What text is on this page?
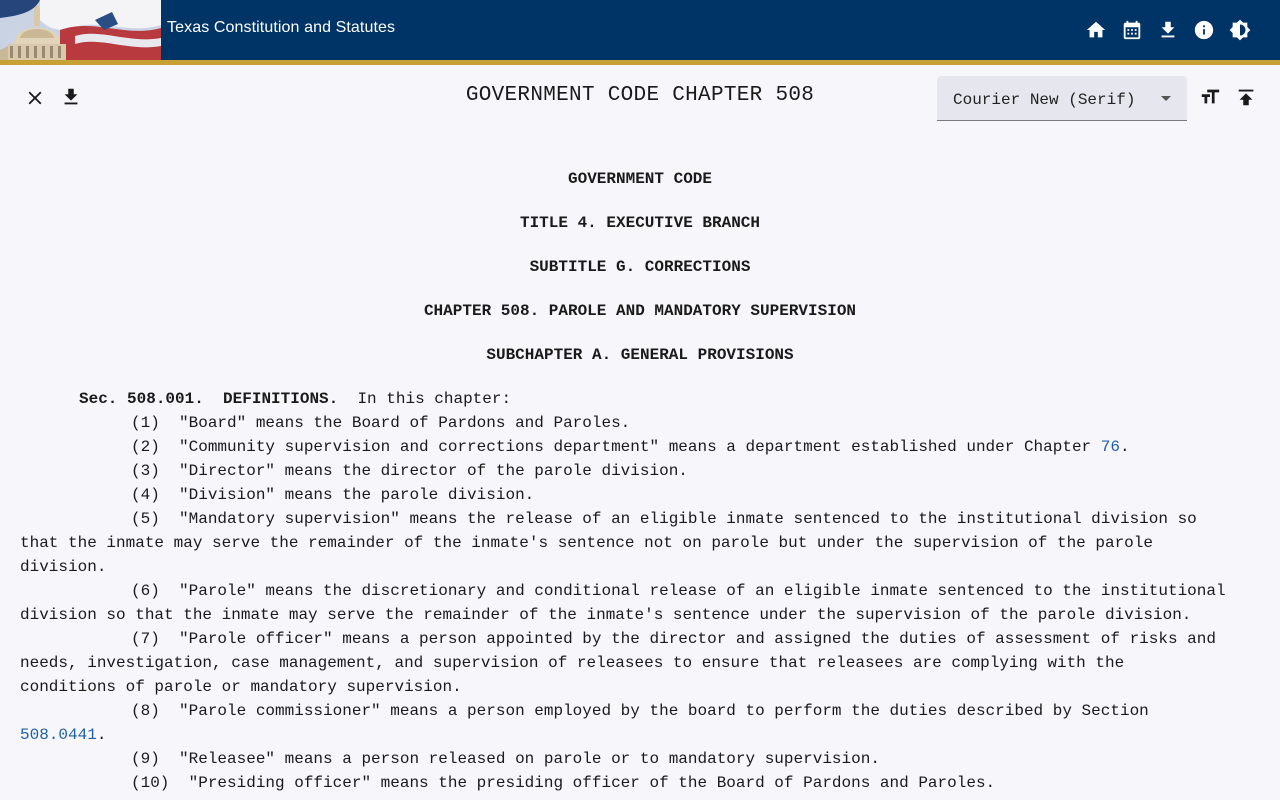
Texas Constitution and Statutes
GOVERNMENT CODE CHAPTER 508	Courier New (Serif)
GOVERNMENT CODE
TITLE 4. EXECUTIVE BRANCH
SUBTITLE G. CORRECTIONS
CHAPTER 508. PAROLE AND MANDATORY SUPERVISION
SUBCHAPTER A. GENERAL PROVISIONS
Sec. 508.001. DEFINITIONS. In this chapter:
(1)  "Board" means the Board of Pardons and Paroles.
(2)  "Community supervision and corrections department" means a department established under Chapter 76.
(3)  "Director" means the director of the parole division.
(4)  "Division" means the parole division.
(5)  "Mandatory supervision" means the release of an eligible inmate sentenced to the institutional division so
that the inmate may serve the remainder of the inmate's sentence not on parole but under the supervision of the parole
division.
(6)  "Parole" means the discretionary and conditional release of an eligible inmate sentenced to the institutional
division so that the inmate may serve the remainder of the inmate's sentence under the supervision of the parole division.
(7)  "Parole officer" means a person appointed by the director and assigned the duties of assessment of risks and
needs, investigation, case management, and supervision of releasees to ensure that releasees are complying with the
conditions of parole or mandatory supervision.
(8)  "Parole commissioner" means a person employed by the board to perform the duties described by Section
508.0441.
(9)  "Releasee" means a person released on parole or to mandatory supervision.
(10)  "Presiding officer" means the presiding officer of the Board of Pardons and Paroles.
